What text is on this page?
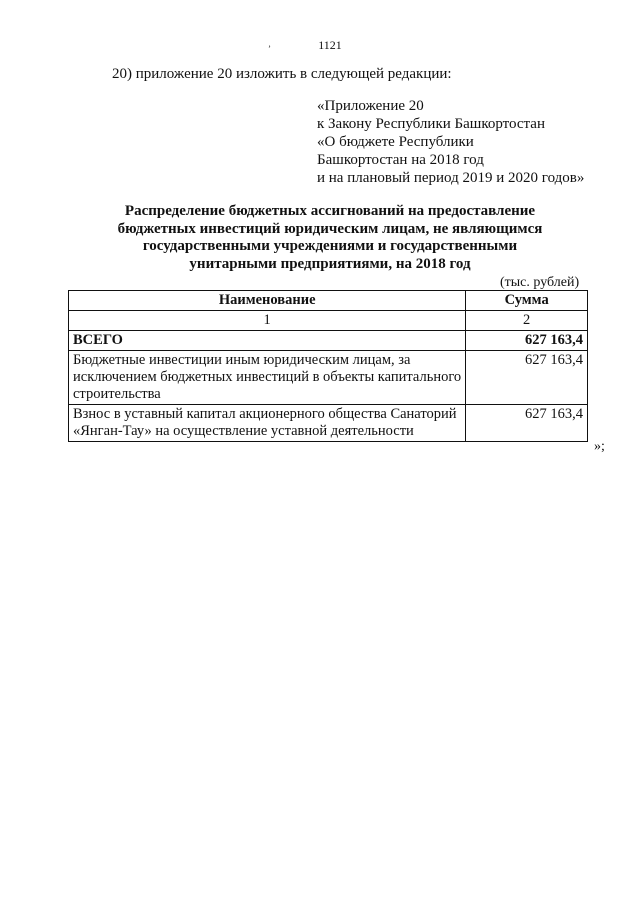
ʼ	1121
20) приложение 20 изложить в следующей редакции:
«Приложение 20
к Закону Республики Башкортостан
«О бюджете Республики
Башкортостан на 2018 год
и на плановый период 2019 и 2020 годов»
Распределение бюджетных ассигнований на предоставление
бюджетных инвестиций юридическим лицам, не являющимся
государственными учреждениями и государственными
унитарными предприятиями, на 2018 год
(тыс. рублей)
Наименование	Сумма
1	2
ВСЕГО	627 163,4
Бюджетные инвестиции иным юридическим лицам, за исключением бюджетных инвестиций в объекты капитального строительства	627 163,4
Взнос в уставный капитал акционерного общества Санаторий «Янган-Тау» на осуществление уставной деятельности	627 163,4
»;
